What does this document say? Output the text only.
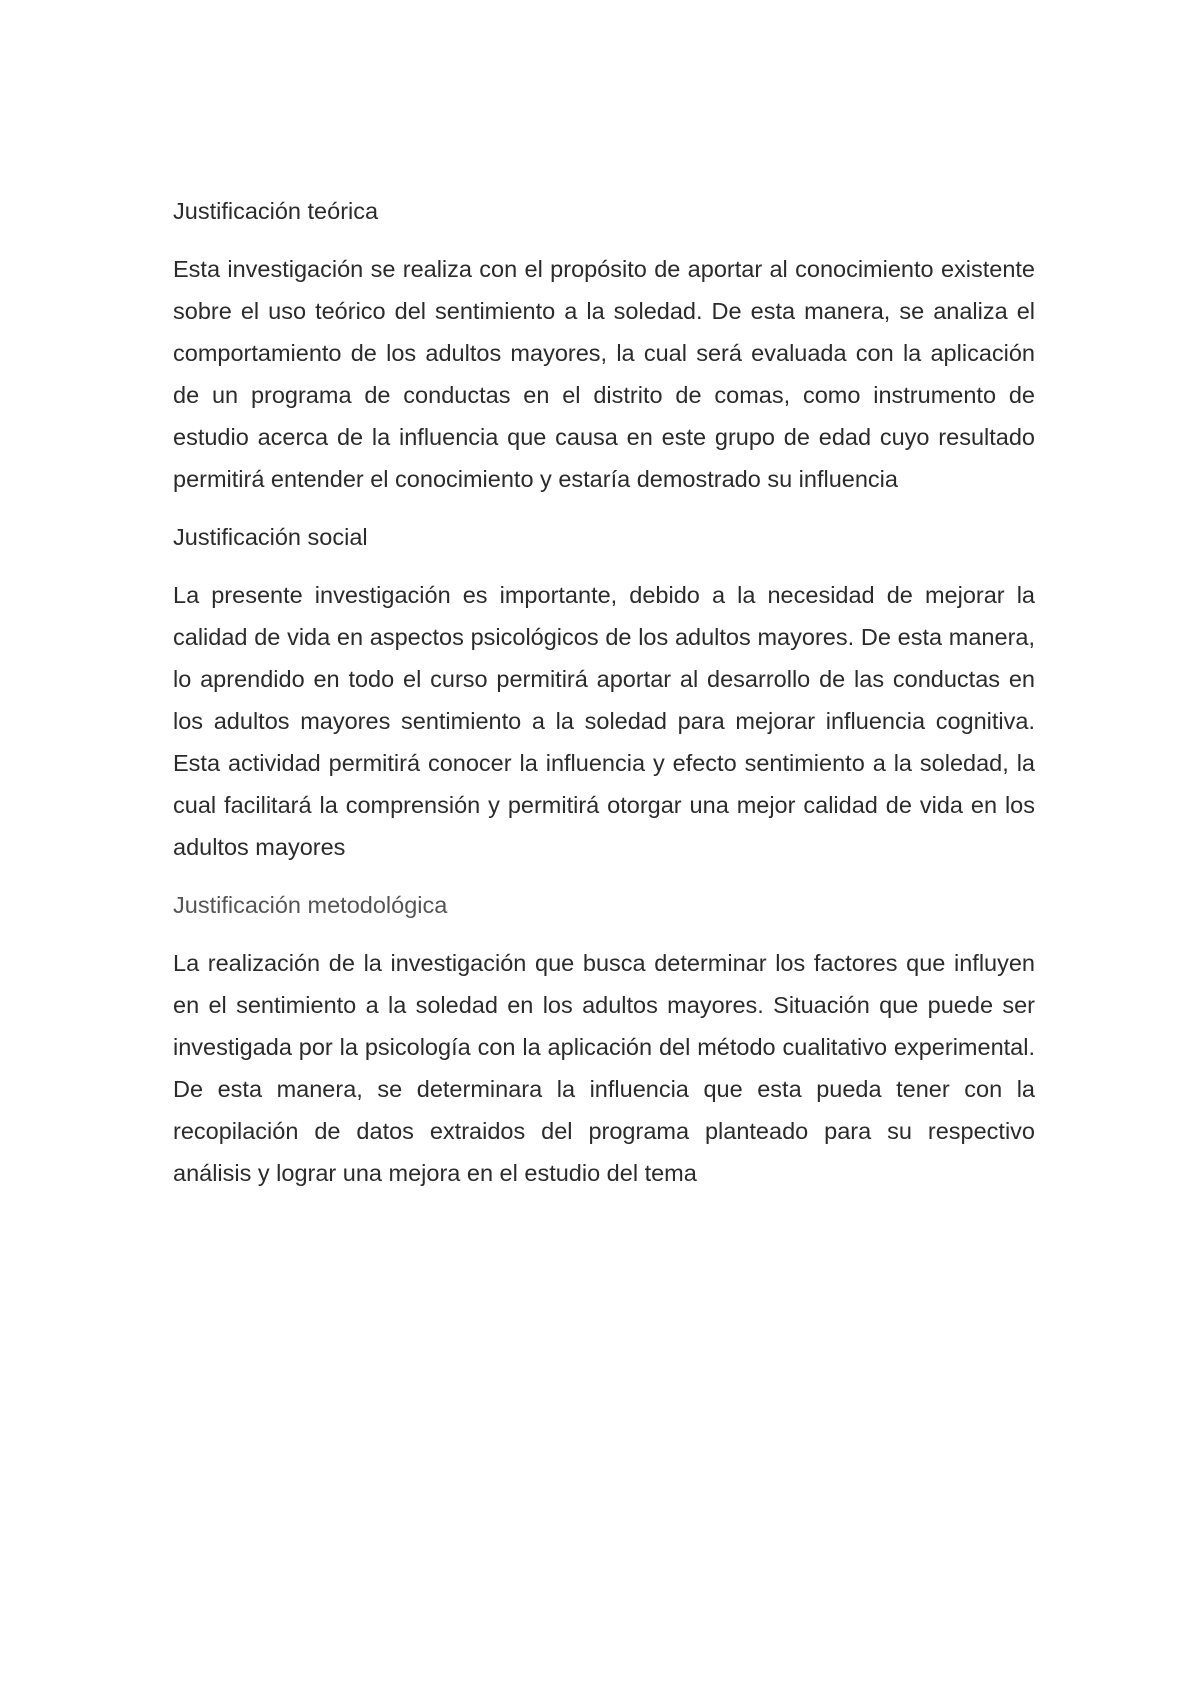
Justificación teórica

Esta investigación se realiza con el propósito de aportar al conocimiento existente sobre el uso teórico del sentimiento a la soledad. De esta manera, se analiza el comportamiento de los adultos mayores, la cual será evaluada con la aplicación de un programa de conductas en el distrito de comas, como instrumento de estudio acerca de la influencia que causa en este grupo de edad cuyo resultado permitirá entender el conocimiento y estaría demostrado su influencia

Justificación social

La presente investigación es importante, debido a la necesidad de mejorar la calidad de vida en aspectos psicológicos de los adultos mayores. De esta manera, lo aprendido en todo el curso permitirá aportar al desarrollo de las conductas en los adultos mayores sentimiento a la soledad para mejorar influencia cognitiva. Esta actividad permitirá conocer la influencia y efecto sentimiento a la soledad, la cual facilitará la comprensión y permitirá otorgar una mejor calidad de vida en los adultos mayores

Justificación metodológica

La realización de la investigación que busca determinar los factores que influyen en el sentimiento a la soledad en los adultos mayores. Situación que puede ser investigada por la psicología con la aplicación del método cualitativo experimental. De esta manera, se determinara la influencia que esta pueda tener con la recopilación de datos extraidos del programa planteado para su respectivo análisis y lograr una mejora en el estudio del tema
